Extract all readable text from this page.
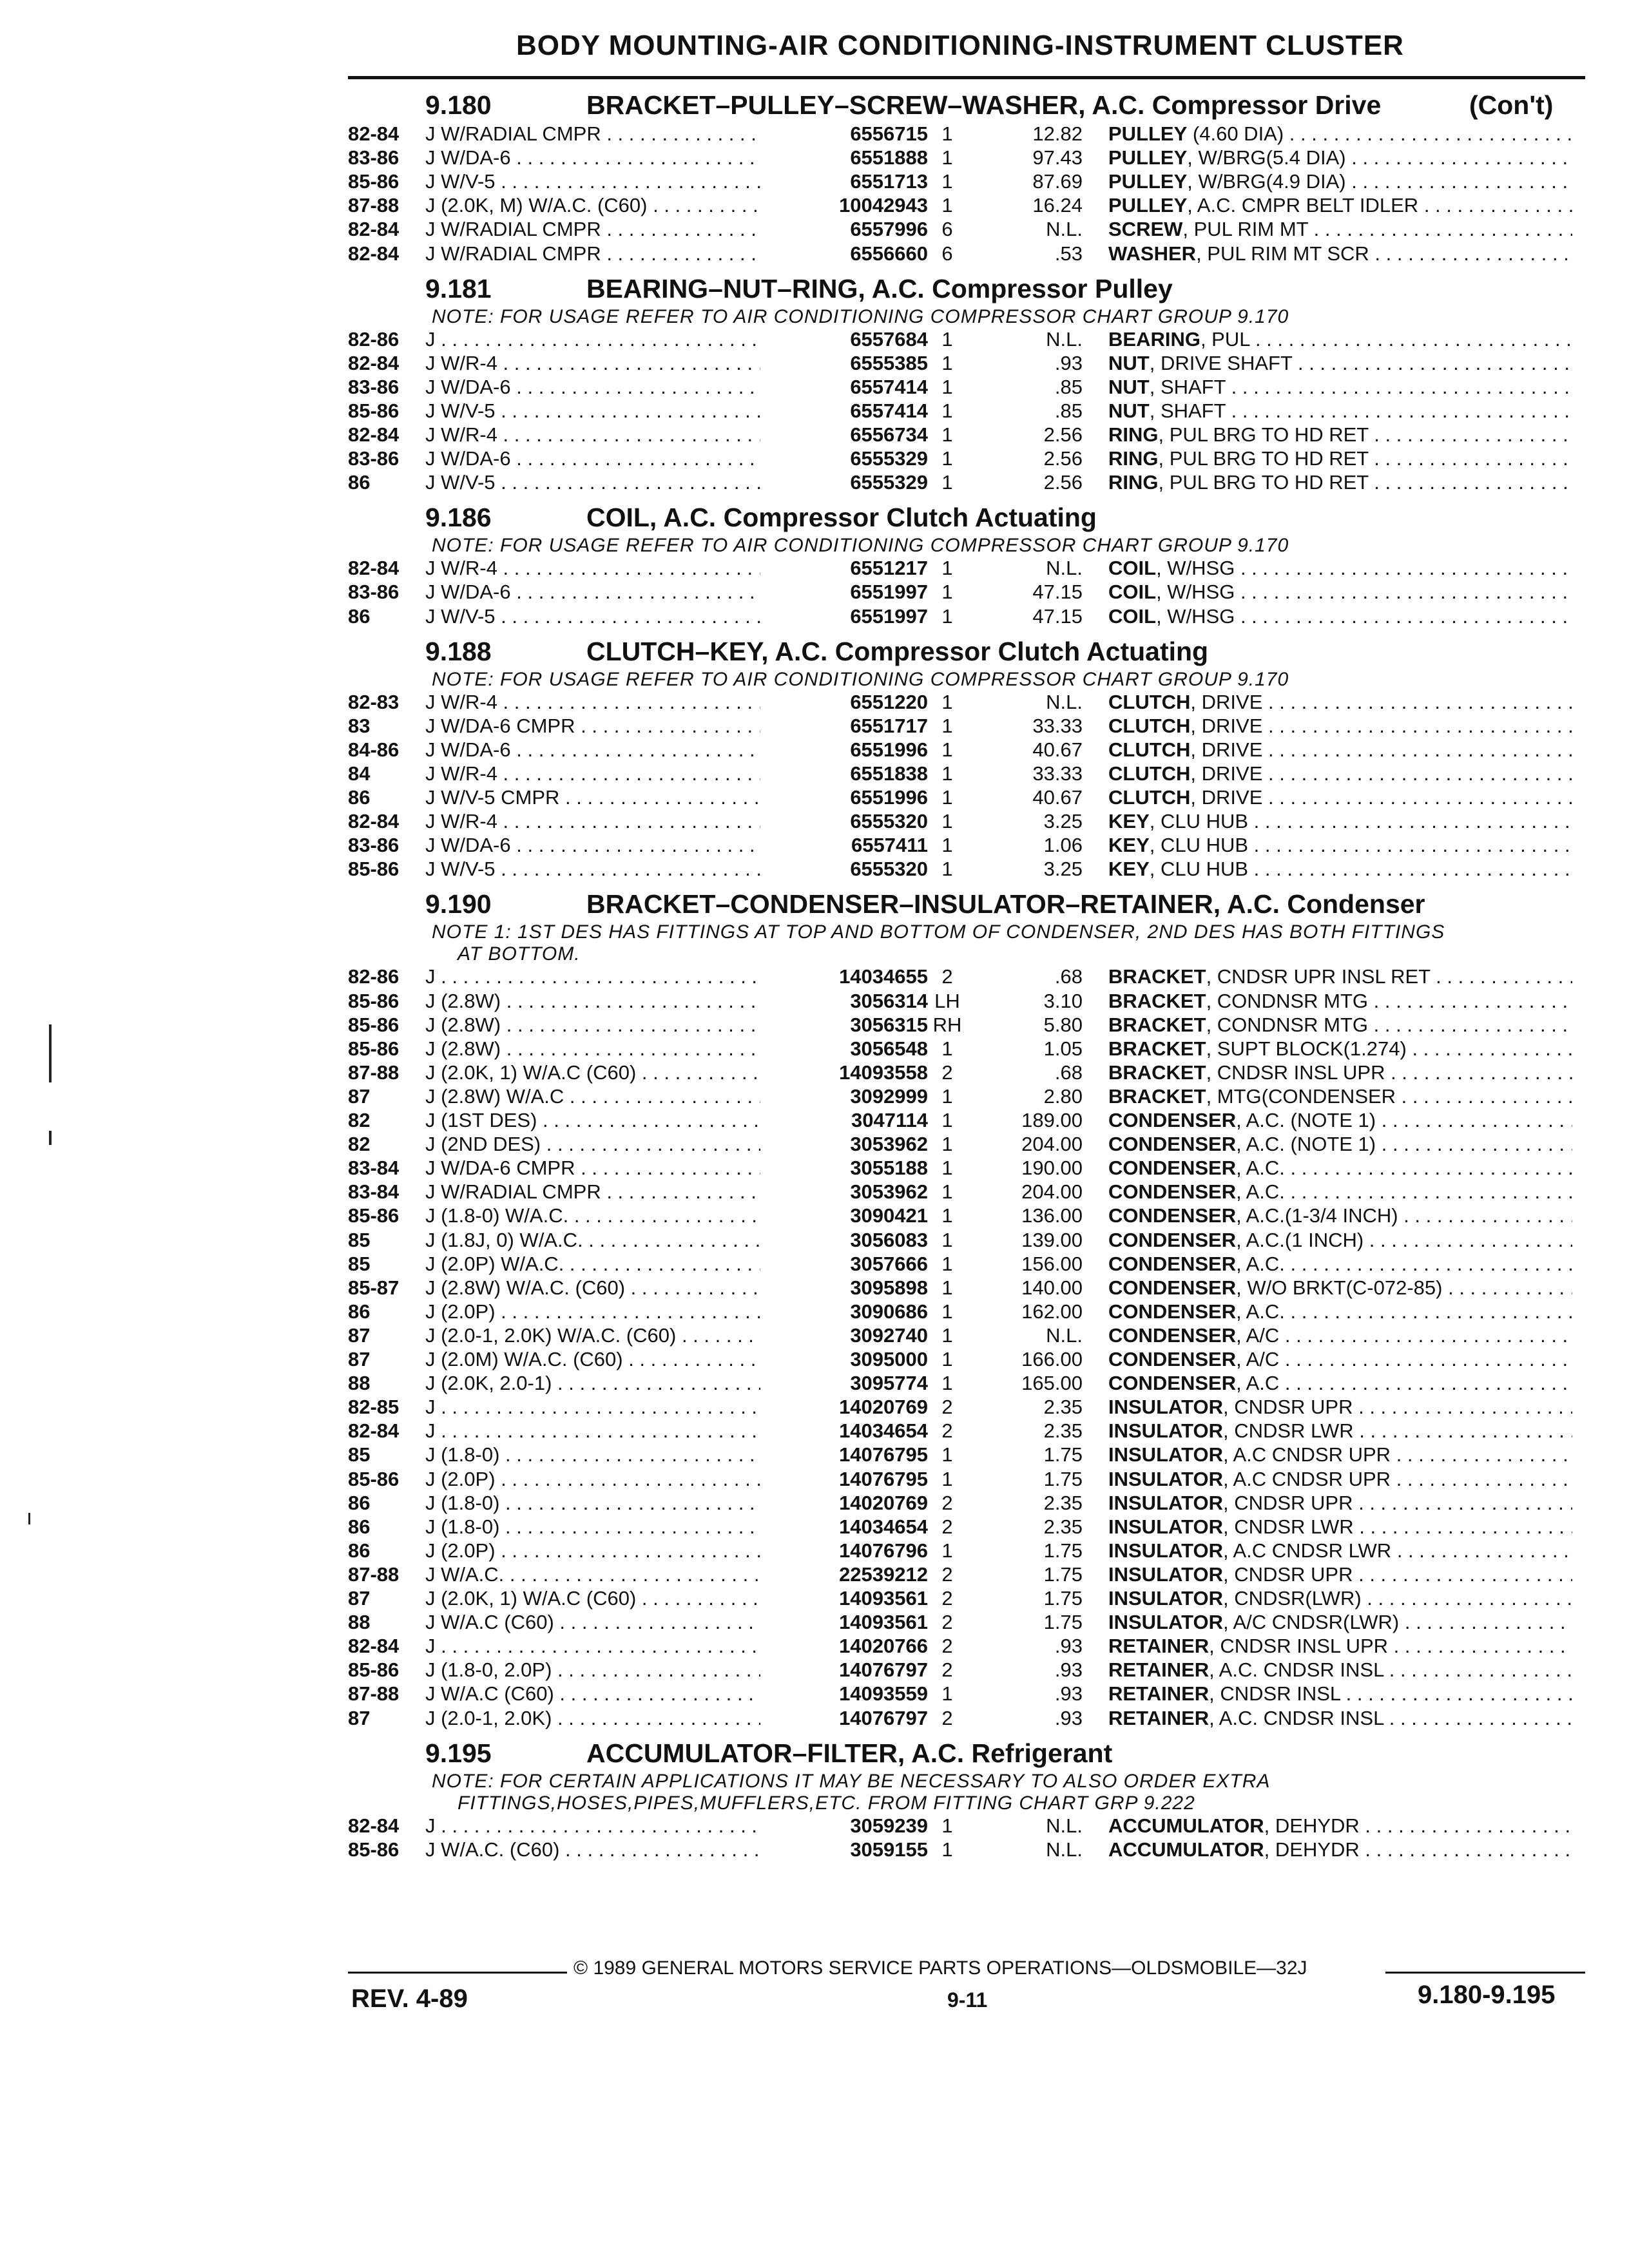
BODY MOUNTING-AIR CONDITIONING-INSTRUMENT CLUSTER
9.180	BRACKET–PULLEY–SCREW–WASHER, A.C. Compressor Drive	(Con't)
82-84 J W/RADIAL CMPR . . .	6556715 1	12.82 PULLEY (4.60 DIA) . . .
83-86 J W/DA-6 . . .	6551888 1	97.43 PULLEY, W/BRG(5.4 DIA) . . .
85-86 J W/V-5 . . .	6551713 1	87.69 PULLEY, W/BRG(4.9 DIA) . . .
87-88 J (2.0K, M) W/A.C. (C60) . . .	10042943 1	16.24 PULLEY, A.C. CMPR BELT IDLER . . .
82-84 J W/RADIAL CMPR . . .	6557996 6	N.L. SCREW, PUL RIM MT . . .
82-84 J W/RADIAL CMPR . . .	6556660 6	.53 WASHER, PUL RIM MT SCR . . .
9.181	BEARING–NUT–RING, A.C. Compressor Pulley
NOTE: FOR USAGE REFER TO AIR CONDITIONING COMPRESSOR CHART GROUP 9.170
82-86 J . . .	6557684 1	N.L. BEARING, PUL . . .
82-84 J W/R-4 . . .	6555385 1	.93 NUT, DRIVE SHAFT . . .
83-86 J W/DA-6 . . .	6557414 1	.85 NUT, SHAFT . . .
85-86 J W/V-5 . . .	6557414 1	.85 NUT, SHAFT . . .
82-84 J W/R-4 . . .	6556734 1	2.56 RING, PUL BRG TO HD RET . . .
83-86 J W/DA-6 . . .	6555329 1	2.56 RING, PUL BRG TO HD RET . . .
86	J W/V-5 . . .	6555329 1	2.56 RING, PUL BRG TO HD RET . . .
9.186	COIL, A.C. Compressor Clutch Actuating
NOTE: FOR USAGE REFER TO AIR CONDITIONING COMPRESSOR CHART GROUP 9.170
82-84 J W/R-4 . . .	6551217 1	N.L. COIL, W/HSG . . .
83-86 J W/DA-6 . . .	6551997 1	47.15 COIL, W/HSG . . .
86	J W/V-5 . . .	6551997 1	47.15 COIL, W/HSG . . .
9.188	CLUTCH–KEY, A.C. Compressor Clutch Actuating
NOTE: FOR USAGE REFER TO AIR CONDITIONING COMPRESSOR CHART GROUP 9.170
82-83 J W/R-4 . . .	6551220 1	N.L. CLUTCH, DRIVE . . .
83	J W/DA-6 CMPR . . .	6551717 1	33.33 CLUTCH, DRIVE . . .
84-86 J W/DA-6 . . .	6551996 1	40.67 CLUTCH, DRIVE . . .
84	J W/R-4 . . .	6551838 1	33.33 CLUTCH, DRIVE . . .
86	J W/V-5 CMPR . . .	6551996 1	40.67 CLUTCH, DRIVE . . .
82-84 J W/R-4 . . .	6555320 1	3.25 KEY, CLU HUB . . .
83-86 J W/DA-6 . . .	6557411 1	1.06 KEY, CLU HUB . . .
85-86 J W/V-5 . . .	6555320 1	3.25 KEY, CLU HUB . . .
9.190	BRACKET–CONDENSER–INSULATOR–RETAINER, A.C. Condenser
NOTE 1: 1ST DES HAS FITTINGS AT TOP AND BOTTOM OF CONDENSER, 2ND DES HAS BOTH FITTINGS
AT BOTTOM.
82-86 J . . .	14034655 2	.68 BRACKET, CNDSR UPR INSL RET . . .
85-86 J (2.8W) . . .	3056314 LH	3.10 BRACKET, CONDNSR MTG . . .
85-86 J (2.8W) . . .	3056315 RH	5.80 BRACKET, CONDNSR MTG . . .
85-86 J (2.8W) . . .	3056548 1	1.05 BRACKET, SUPT BLOCK(1.274) . . .
87-88 J (2.0K, 1) W/A.C (C60) . . .	14093558 2	.68 BRACKET, CNDSR INSL UPR . . .
87	J (2.8W) W/A.C . . .	3092999 1	2.80 BRACKET, MTG(CONDENSER . . .
82	J (1ST DES) . . .	3047114 1	189.00 CONDENSER, A.C. (NOTE 1) . . .
82	J (2ND DES) . . .	3053962 1	204.00 CONDENSER, A.C. (NOTE 1) . . .
83-84 J W/DA-6 CMPR . . .	3055188 1	190.00 CONDENSER, A.C. . . .
83-84 J W/RADIAL CMPR . . .	3053962 1	204.00 CONDENSER, A.C. . . .
85-86 J (1.8-0) W/A.C. . . .	3090421 1	136.00 CONDENSER, A.C.(1-3/4 INCH) . . .
85	J (1.8J, 0) W/A.C. . . .	3056083 1	139.00 CONDENSER, A.C.(1 INCH) . . .
85	J (2.0P) W/A.C. . . .	3057666 1	156.00 CONDENSER, A.C. . . .
85-87 J (2.8W) W/A.C. (C60) . . .	3095898 1	140.00 CONDENSER, W/O BRKT(C-072-85) . . .
86	J (2.0P) . . .	3090686 1	162.00 CONDENSER, A.C. . . .
87	J (2.0-1, 2.0K) W/A.C. (C60) . . .	3092740 1	N.L. CONDENSER, A/C . . .
87	J (2.0M) W/A.C. (C60) . . .	3095000 1	166.00 CONDENSER, A/C . . .
88	J (2.0K, 2.0-1) . . .	3095774 1	165.00 CONDENSER, A.C . . .
82-85 J . . .	14020769 2	2.35 INSULATOR, CNDSR UPR . . .
82-84 J . . .	14034654 2	2.35 INSULATOR, CNDSR LWR . . .
85	J (1.8-0) . . .	14076795 1	1.75 INSULATOR, A.C CNDSR UPR . . .
85-86 J (2.0P) . . .	14076795 1	1.75 INSULATOR, A.C CNDSR UPR . . .
86	J (1.8-0) . . .	14020769 2	2.35 INSULATOR, CNDSR UPR . . .
86	J (1.8-0) . . .	14034654 2	2.35 INSULATOR, CNDSR LWR . . .
86	J (2.0P) . . .	14076796 1	1.75 INSULATOR, A.C CNDSR LWR . . .
87-88 J W/A.C. . . .	22539212 2	1.75 INSULATOR, CNDSR UPR . . .
87	J (2.0K, 1) W/A.C (C60) . . .	14093561 2	1.75 INSULATOR, CNDSR(LWR) . . .
88	J W/A.C (C60) . . .	14093561 2	1.75 INSULATOR, A/C CNDSR(LWR) . . .
82-84 J . . .	14020766 2	.93 RETAINER, CNDSR INSL UPR . . .
85-86 J (1.8-0, 2.0P) . . .	14076797 2	.93 RETAINER, A.C. CNDSR INSL . . .
87-88 J W/A.C (C60) . . .	14093559 1	.93 RETAINER, CNDSR INSL . . .
87	J (2.0-1, 2.0K) . . .	14076797 2	.93 RETAINER, A.C. CNDSR INSL . . .
9.195	ACCUMULATOR–FILTER, A.C. Refrigerant
NOTE: FOR CERTAIN APPLICATIONS IT MAY BE NECESSARY TO ALSO ORDER EXTRA
FITTINGS,HOSES,PIPES,MUFFLERS,ETC. FROM FITTING CHART GRP 9.222
82-84 J . . .	3059239 1	N.L. ACCUMULATOR, DEHYDR . . .
85-86 J W/A.C. (C60) . . .	3059155 1	N.L. ACCUMULATOR, DEHYDR . . .
© 1989 GENERAL MOTORS SERVICE PARTS OPERATIONS—OLDSMOBILE—32J
REV. 4-89	9-11	9.180-9.195
